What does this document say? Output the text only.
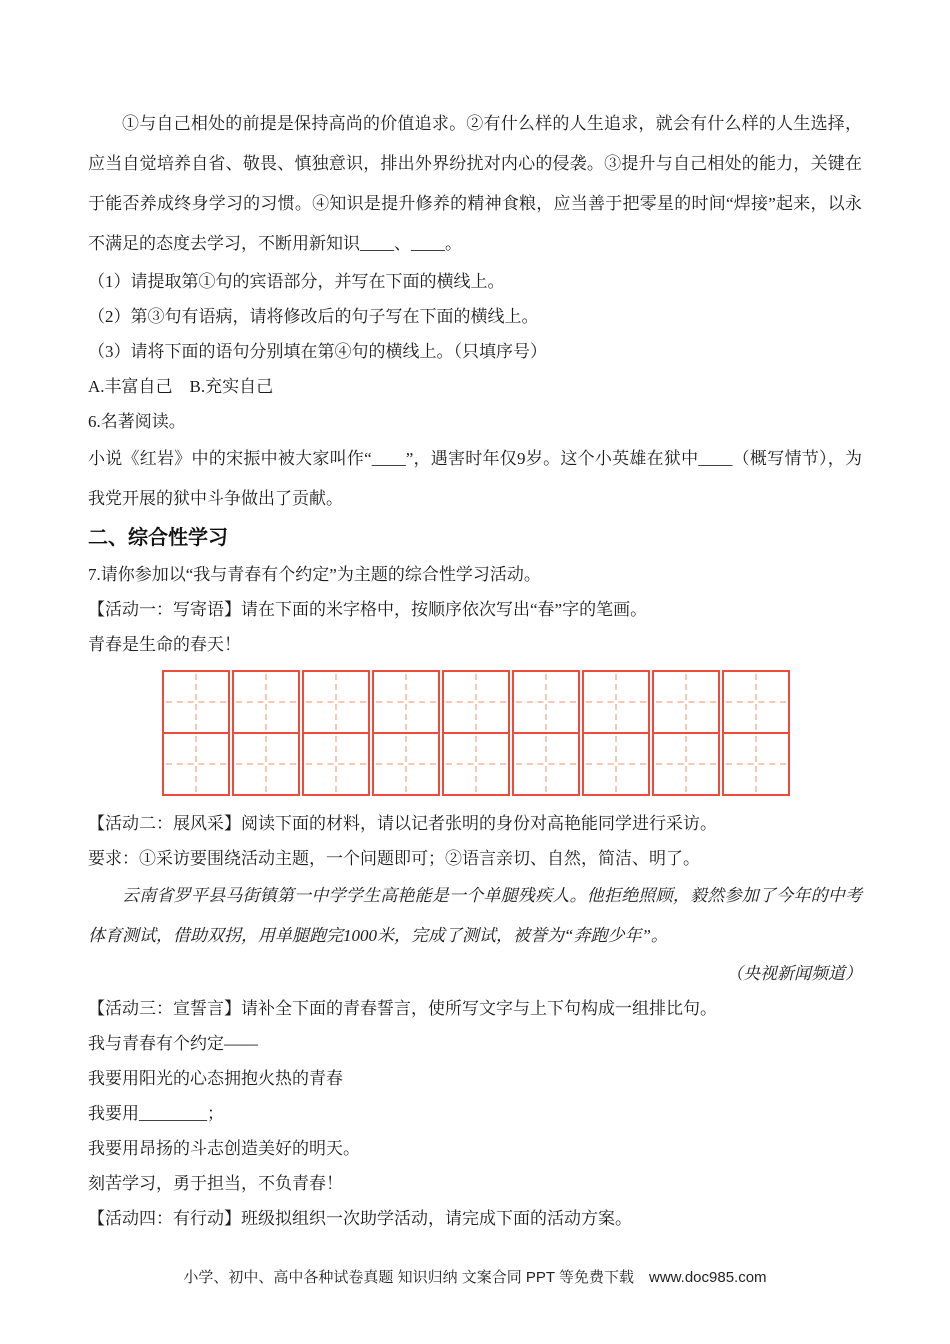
①与自己相处的前提是保持高尚的价值追求。②有什么样的人生追求，就会有什么样的人生选择，应当自觉培养自省、敬畏、慎独意识，排出外界纷扰对内心的侵袭。③提升与自己相处的能力，关键在于能否养成终身学习的习惯。④知识是提升修养的精神食粮，应当善于把零星的时间“焊接”起来，以永不满足的态度去学习，不断用新知识____、____。

（1）请提取第①句的宾语部分，并写在下面的横线上。

（2）第③句有语病，请将修改后的句子写在下面的横线上。

（3）请将下面的语句分别填在第④句的横线上。（只填序号）

A.丰富自己　B.充实自己

6.名著阅读。

小说《红岩》中的宋振中被大家叫作“____”，遇害时年仅9岁。这个小英雄在狱中____（概写情节），为我党开展的狱中斗争做出了贡献。

二、综合性学习

7.请你参加以“我与青春有个约定”为主题的综合性学习活动。

【活动一：写寄语】请在下面的米字格中，按顺序依次写出“春”字的笔画。

青春是生命的春天！

【活动二：展风采】阅读下面的材料，请以记者张明的身份对高艳能同学进行采访。

要求：①采访要围绕活动主题，一个问题即可；②语言亲切、自然，简洁、明了。

云南省罗平县马街镇第一中学学生高艳能是一个单腿残疾人。他拒绝照顾，毅然参加了今年的中考体育测试，借助双拐，用单腿跑完1000米，完成了测试，被誉为“奔跑少年”。

（央视新闻频道）

【活动三：宣誓言】请补全下面的青春誓言，使所写文字与上下句构成一组排比句。

我与青春有个约定——

我要用阳光的心态拥抱火热的青春

我要用________；

我要用昂扬的斗志创造美好的明天。

刻苦学习，勇于担当，不负青春！

【活动四：有行动】班级拟组织一次助学活动，请完成下面的活动方案。

小学、初中、高中各种试卷真题 知识归纳 文案合同 PPT 等免费下载　www.doc985.com
